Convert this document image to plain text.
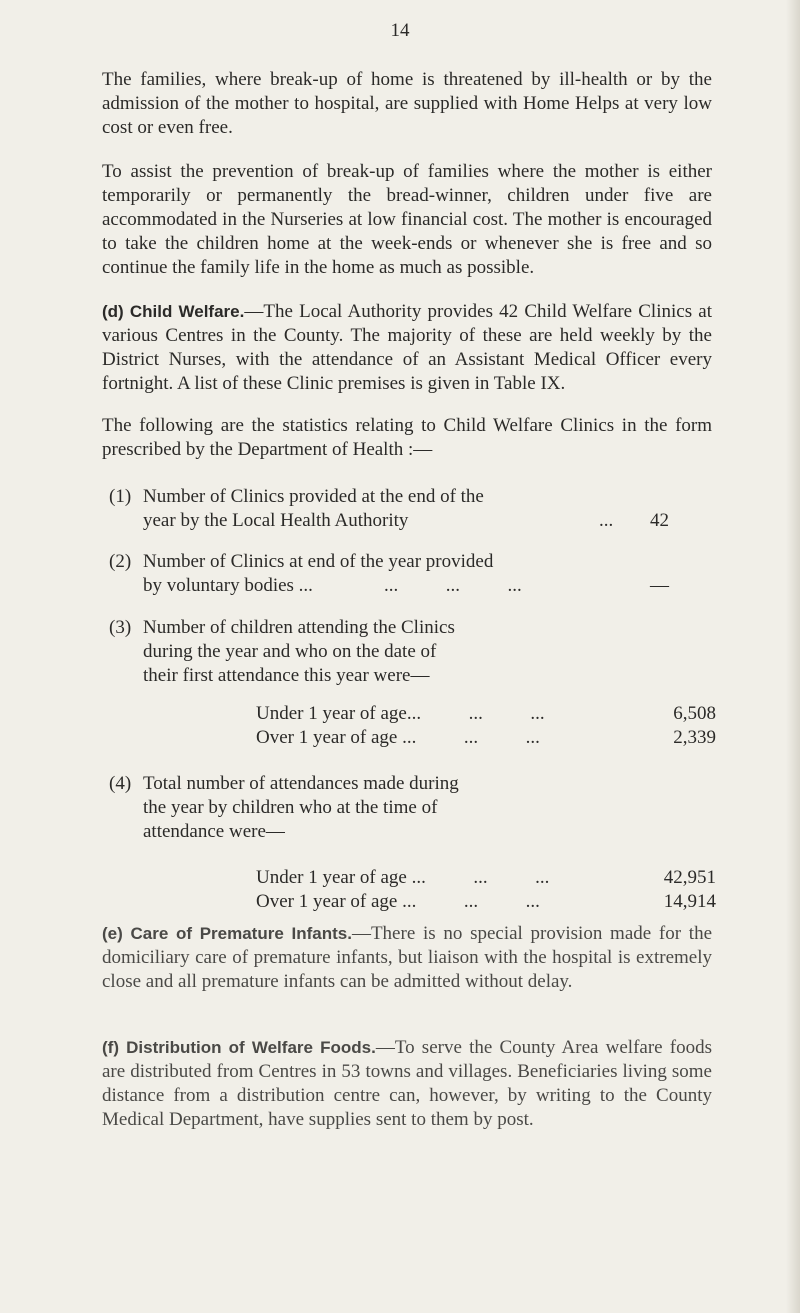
14

The families, where break-up of home is threatened by ill-health or by the admission of the mother to hospital, are supplied with Home Helps at very low cost or even free.

To assist the prevention of break-up of families where the mother is either temporarily or permanently the bread-winner, children under five are accommodated in the Nurseries at low financial cost. The mother is encouraged to take the children home at the week-ends or whenever she is free and so continue the family life in the home as much as possible.

(d) Child Welfare.—The Local Authority provides 42 Child Welfare Clinics at various Centres in the County. The majority of these are held weekly by the District Nurses, with the attendance of an Assistant Medical Officer every fortnight. A list of these Clinic premises is given in Table IX.

The following are the statistics relating to Child Welfare Clinics in the form prescribed by the Department of Health :—

(1) Number of Clinics provided at the end of the
year by the Local Health Authority	42
...
(2) Number of Clinics at end of the year provided
by voluntary bodies ...	...          ...          ...	—
(3) Number of children attending the Clinics
during the year and who on the date of
their first attendance this year were—
Under 1 year of age...          ...          ...	6,508
Over 1 year of age ...          ...          ...	2,339
(4) Total number of attendances made during
the year by children who at the time of
attendance were—
Under 1 year of age ...          ...          ...	42,951
Over 1 year of age ...          ...          ...	14,914

(e) Care of Premature Infants.—There is no special provision made for the domiciliary care of premature infants, but liaison with the hospital is extremely close and all premature infants can be admitted without delay.

(f) Distribution of Welfare Foods.—To serve the County Area welfare foods are distributed from Centres in 53 towns and villages. Beneficiaries living some distance from a distribution centre can, however, by writing to the County Medical Department, have supplies sent to them by post.
